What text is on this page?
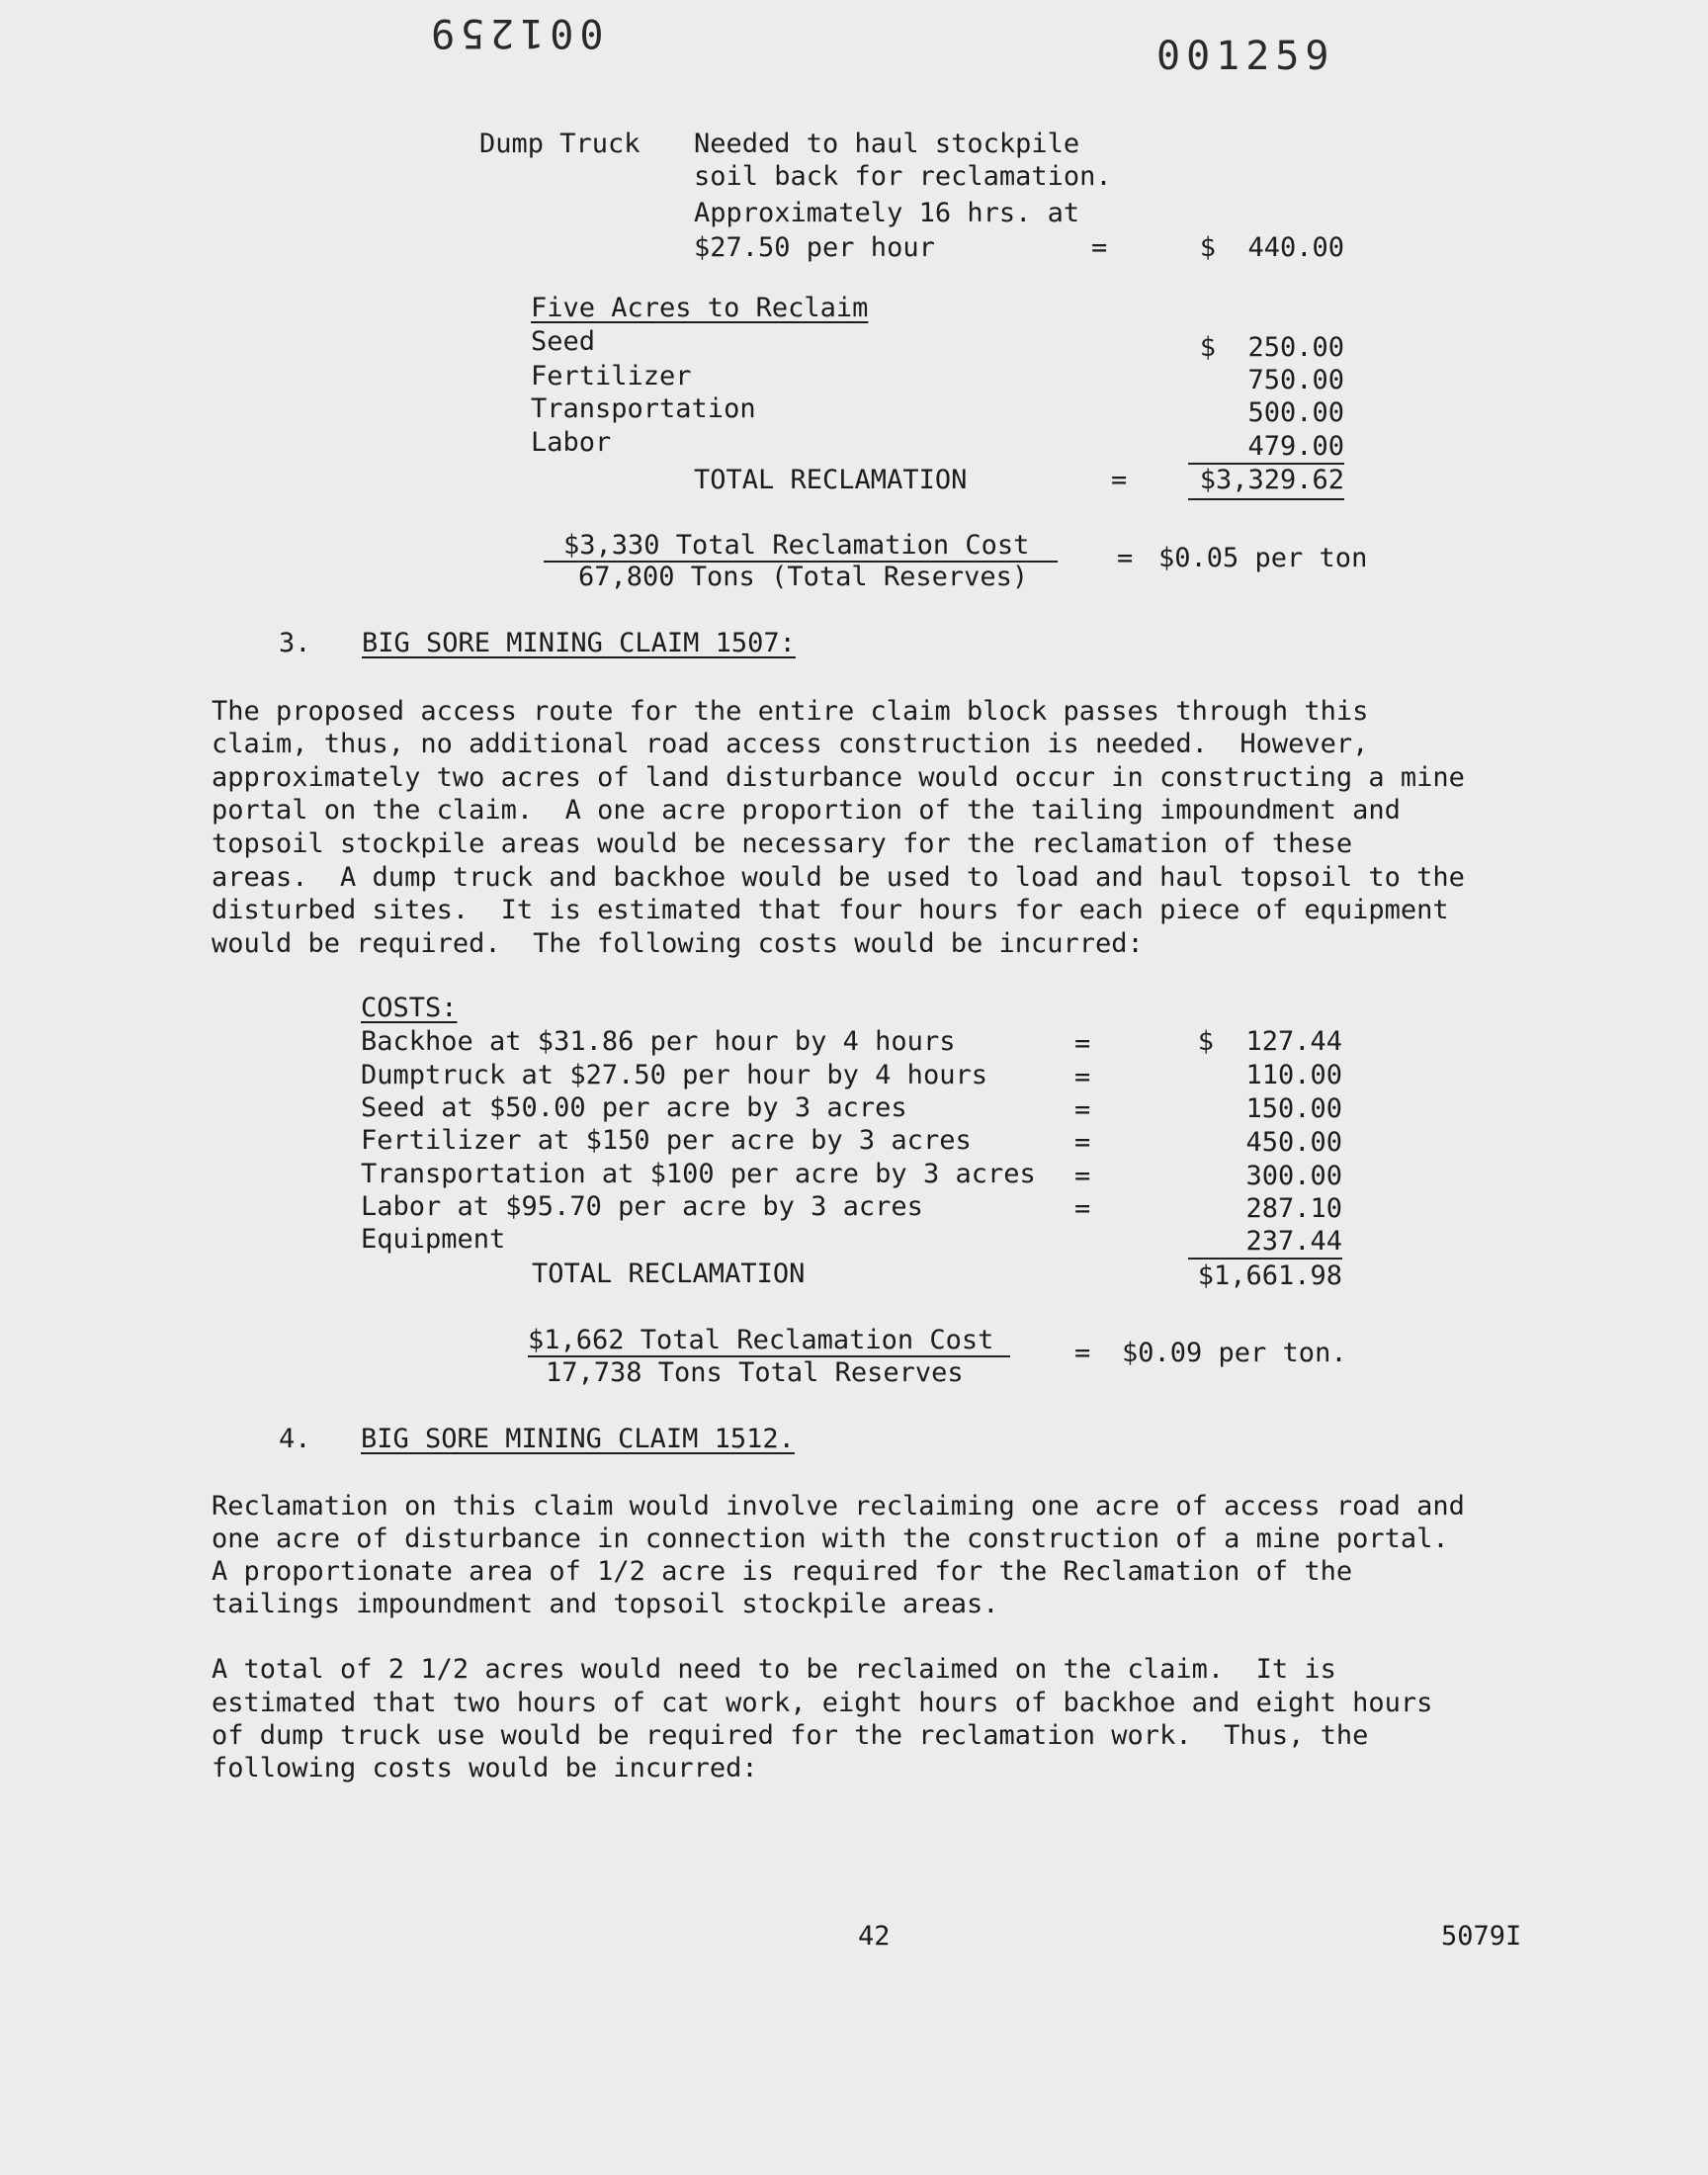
001259
001259
Dump Truck Needed to haul stockpile
soil back for reclamation.
Approximately 16 hrs. at
$27.50 per hour	=	$  440.00
Five Acres to Reclaim
Seed	$  250.00
Fertilizer	750.00
Transportation	500.00
Labor	479.00
TOTAL RECLAMATION	=	$3,329.62
$3,330 Total Reclamation Cost
67,800 Tons (Total Reserves)
= $0.05 per ton
3. BIG SORE MINING CLAIM 1507:
The proposed access route for the entire claim block passes through this
claim, thus, no additional road access construction is needed.  However,
approximately two acres of land disturbance would occur in constructing a mine
portal on the claim.  A one acre proportion of the tailing impoundment and
topsoil stockpile areas would be necessary for the reclamation of these
areas.  A dump truck and backhoe would be used to load and haul topsoil to the
disturbed sites.  It is estimated that four hours for each piece of equipment
would be required.  The following costs would be incurred:
COSTS:
Backhoe at $31.86 per hour by 4 hours	=	$  127.44
Dumptruck at $27.50 per hour by 4 hours	=	110.00
Seed at $50.00 per acre by 3 acres	=	150.00
Fertilizer at $150 per acre by 3 acres	=	450.00
Transportation at $100 per acre by 3 acres =	300.00
Labor at $95.70 per acre by 3 acres	=	287.10
Equipment	237.44
TOTAL RECLAMATION	$1,661.98
$1,662 Total Reclamation Cost
17,738 Tons Total Reserves
= $0.09 per ton.
4. BIG SORE MINING CLAIM 1512.
Reclamation on this claim would involve reclaiming one acre of access road and
one acre of disturbance in connection with the construction of a mine portal.
A proportionate area of 1/2 acre is required for the Reclamation of the
tailings impoundment and topsoil stockpile areas.
A total of 2 1/2 acres would need to be reclaimed on the claim.  It is
estimated that two hours of cat work, eight hours of backhoe and eight hours
of dump truck use would be required for the reclamation work.  Thus, the
following costs would be incurred:
42	5079I
